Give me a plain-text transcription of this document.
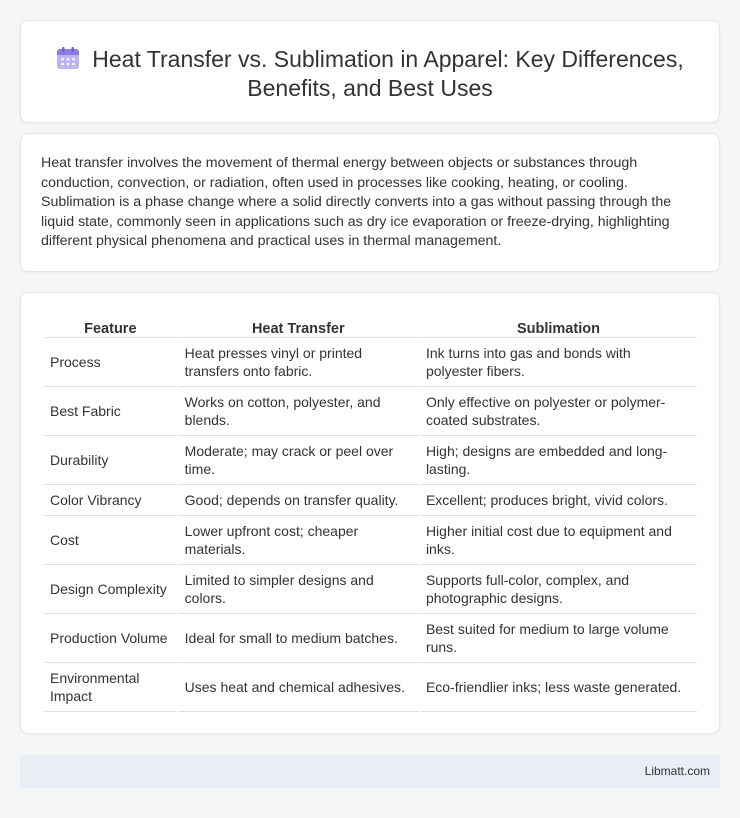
Heat Transfer vs. Sublimation in Apparel: Key Differences, Benefits, and Best Uses

Heat transfer involves the movement of thermal energy between objects or substances through conduction, convection, or radiation, often used in processes like cooking, heating, or cooling. Sublimation is a phase change where a solid directly converts into a gas without passing through the liquid state, commonly seen in applications such as dry ice evaporation or freeze-drying, highlighting different physical phenomena and practical uses in thermal management.

Feature	Heat Transfer	Sublimation
Process	Heat presses vinyl or printed transfers onto fabric.	Ink turns into gas and bonds with polyester fibers.
Best Fabric	Works on cotton, polyester, and blends.	Only effective on polyester or polymer-coated substrates.
Durability	Moderate; may crack or peel over time.	High; designs are embedded and long-lasting.
Color Vibrancy	Good; depends on transfer quality.	Excellent; produces bright, vivid colors.
Cost	Lower upfront cost; cheaper materials.	Higher initial cost due to equipment and inks.
Design Complexity	Limited to simpler designs and colors.	Supports full-color, complex, and photographic designs.
Production Volume	Ideal for small to medium batches.	Best suited for medium to large volume runs.
Environmental Impact	Uses heat and chemical adhesives.	Eco-friendlier inks; less waste generated.
Libmatt.com
